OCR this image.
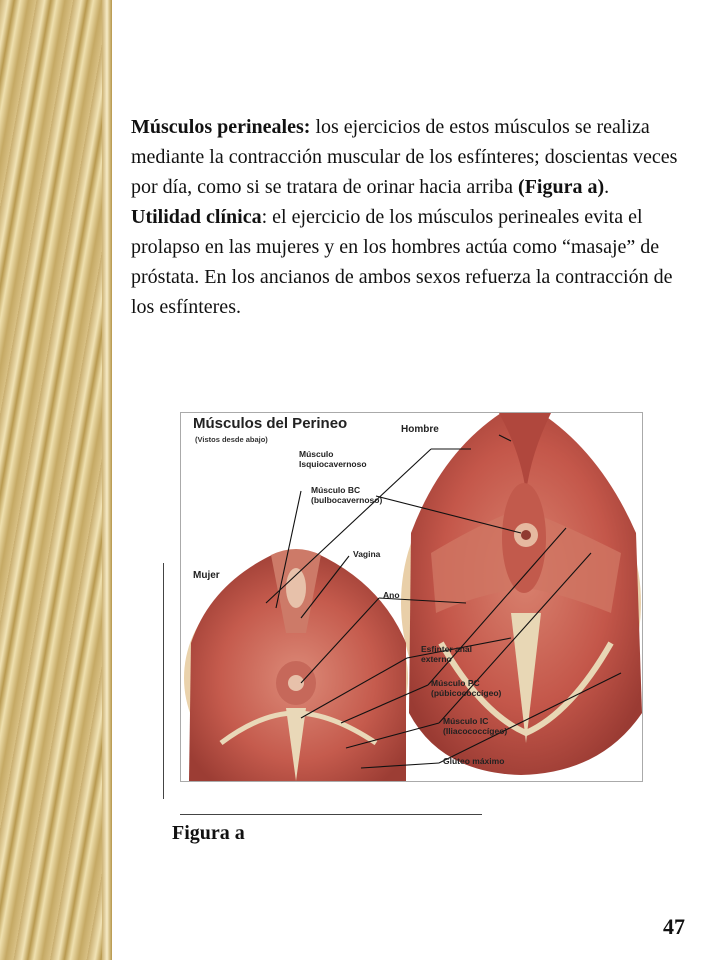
Músculos perineales: los ejercicios de estos músculos se realiza mediante la contracción muscular de los esfínteres; doscientas veces por día, como si se tratara de orinar hacia arriba (Figura a).

Utilidad clínica: el ejercicio de los músculos perineales evita el prolapso en las mujeres y en los hombres actúa como “masaje” de próstata. En los ancianos de ambos sexos refuerza la contracción de los esfínteres.

Músculos del Perineo
(Vistos desde abajo)
Hombre
Músculo
Isquiocavernoso
Músculo BC
(bulbocavernoso)
Vagina
Mujer
Ano
Esfinter anal
externo
Músculo PC
(púbicococcígeo)
Músculo IC
(Iliacococcígeo)
Glúteo máximo
Figura a
47
